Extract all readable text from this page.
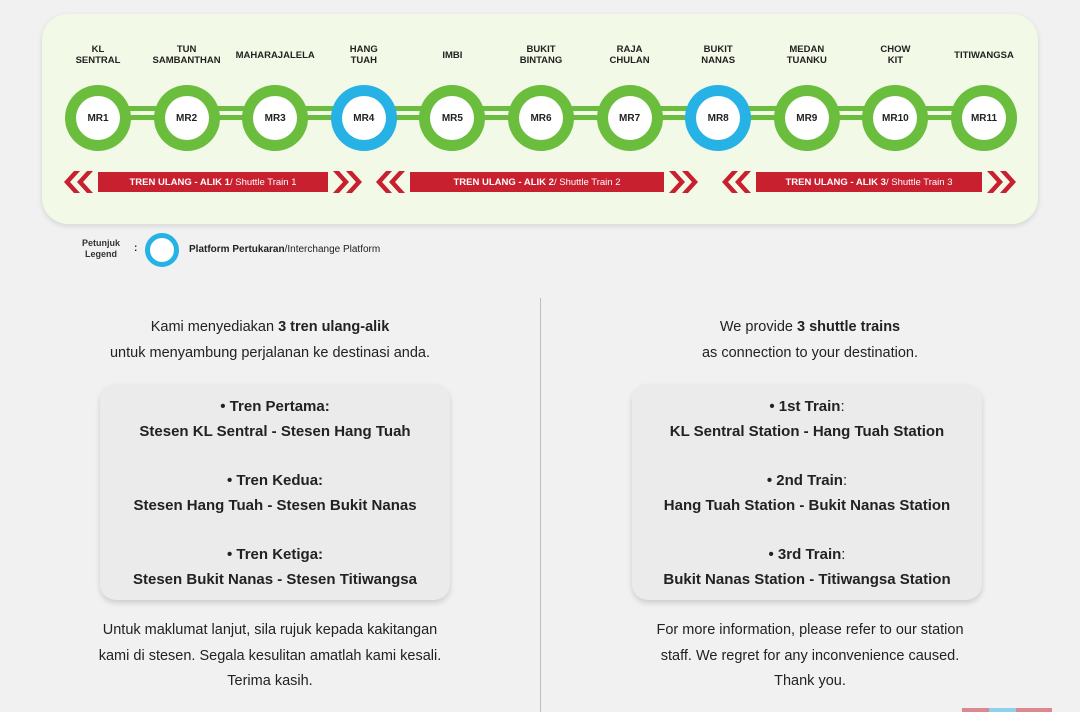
KL
SENTRAL
MR1
TUN
SAMBANTHAN
MR2
MAHARAJALELA
MR3
HANG
TUAH
MR4
IMBI
MR5
BUKIT
BINTANG
MR6
RAJA
CHULAN
MR7
BUKIT
NANAS
MR8
MEDAN
TUANKU
MR9
CHOW
KIT
MR10
TITIWANGSA
MR11
TREN ULANG - ALIK 1 / Shuttle Train 1	TREN ULANG - ALIK 2 / Shuttle Train 2	TREN ULANG - ALIK 3 / Shuttle Train 3
Petunjuk
Legend	:	Platform Pertukaran/Interchange Platform
Kami menyediakan 3 tren ulang-alik
untuk menyambung perjalanan ke destinasi anda.
• Tren Pertama:
Stesen KL Sentral - Stesen Hang Tuah
• Tren Kedua:
Stesen Hang Tuah - Stesen Bukit Nanas
• Tren Ketiga:
Stesen Bukit Nanas - Stesen Titiwangsa
Untuk maklumat lanjut, sila rujuk kepada kakitangan
kami di stesen. Segala kesulitan amatlah kami kesali.
Terima kasih.
We provide 3 shuttle trains
as connection to your destination.
• 1st Train:
KL Sentral Station - Hang Tuah Station
• 2nd Train:
Hang Tuah Station - Bukit Nanas Station
• 3rd Train:
Bukit Nanas Station - Titiwangsa Station
For more information, please refer to our station
staff. We regret for any inconvenience caused.
Thank you.
